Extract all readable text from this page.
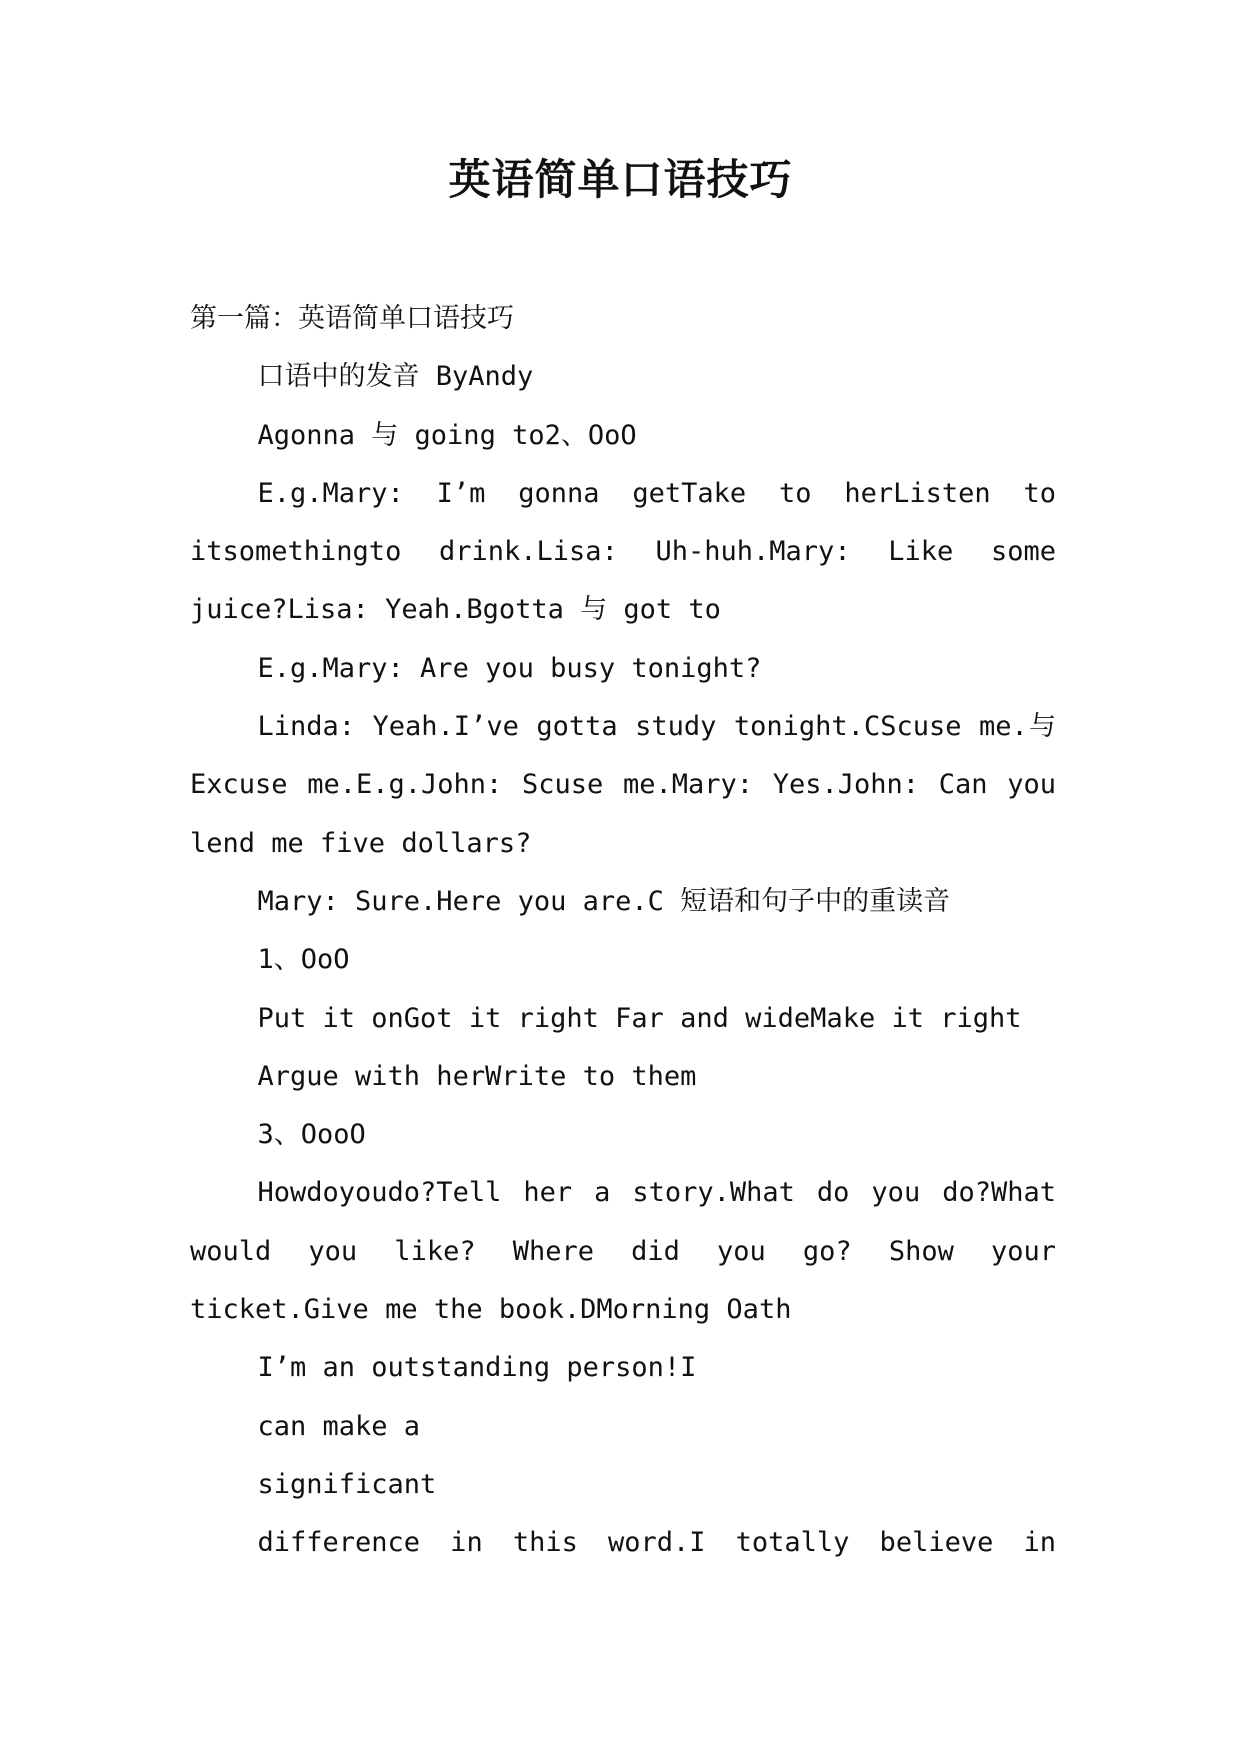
英语简单口语技巧

第一篇：英语简单口语技巧

口语中的发音 ByAndy

Agonna 与 going to2、OoO

E.g.Mary: I’m gonna getTake to herListen to itsomethingto drink.Lisa: Uh-huh.Mary: Like some juice?Lisa: Yeah.Bgotta 与 got to

E.g.Mary: Are you busy tonight?

Linda: Yeah.I’ve gotta study tonight.CScuse me.与 Excuse me.E.g.John: Scuse me.Mary: Yes.John: Can you lend me five dollars?

Mary: Sure.Here you are.C 短语和句子中的重读音

1、OoO

Put it onGot it right Far and wideMake it right

Argue with herWrite to them

3、OooO

Howdoyoudo?Tell her a story.What do you do?What would you like? Where did you go? Show your ticket.Give me the book.DMorning Oath

I’m an outstanding person!I

can make a

significant

difference in this word.I totally believe in
